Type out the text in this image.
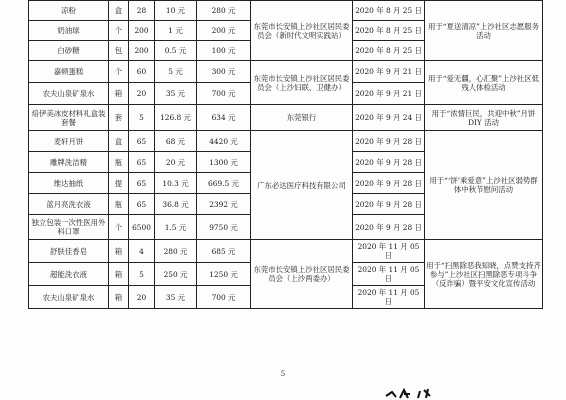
凉粉	盒	28	10 元	280 元	东莞市长安镇上沙社区居民委员会（新时代文明实践站）	2020 年 8 月 25 日	用于“夏送清凉”上沙社区志愿服务活动
奶油球	个	200	1 元	200 元		2020 年 8 月 25 日	
白砂糖	包	200	0.5 元	100 元		2020 年 8 月 25 日	
嘉顿蛋糕	个	60	5 元	300 元	东莞市长安镇上沙社区居民委员会（上沙妇联、卫健办）	2020 年 9 月 21 日	用于“爱无疆，心汇聚”上沙社区低残人体检活动
农夫山泉矿泉水	箱	20	35 元	700 元		2020 年 9 月 21 日	
焙伊美冰皮材料礼盒装套餐	套	5	126.8 元	634 元	东莞银行	2020 年 9 月 24 日	用于“浓情巨民，共迎中秋”月饼 DIY 活动
麦轩月饼	盒	65	68 元	4420 元	广东必达医疗科技有限公司	2020 年 9 月 28 日	用于“‘饼’乘爱意”上沙社区弱势群体中秋节慰问活动
雕牌洗洁精	瓶	65	20 元	1300 元		2020 年 9 月 28 日	
维达抽纸	提	65	10.3 元	669.5 元		2020 年 9 月 28 日	
蓝月亮洗衣液	瓶	65	36.8 元	2392 元		2020 年 9 月 28 日	
独立包装一次性医用外科口罩	个	6500	1.5 元	9750 元		2020 年 9 月 28 日	
舒肤佳香皂	箱	4	280 元	685 元	东莞市长安镇上沙社区居民委员会（上沙两委办）	2020 年 11 月 05 日	用于“扫黑除恶我知晓，点赞支持齐参与”上沙社区扫黑除恶专项斗争（反诈骗）暨平安文化宣传活动
超能洗衣液	箱	5	250 元	1250 元		2020 年 11 月 05 日	
农夫山泉矿泉水	箱	20	35 元	700 元		2020 年 11 月 05 日	
5
